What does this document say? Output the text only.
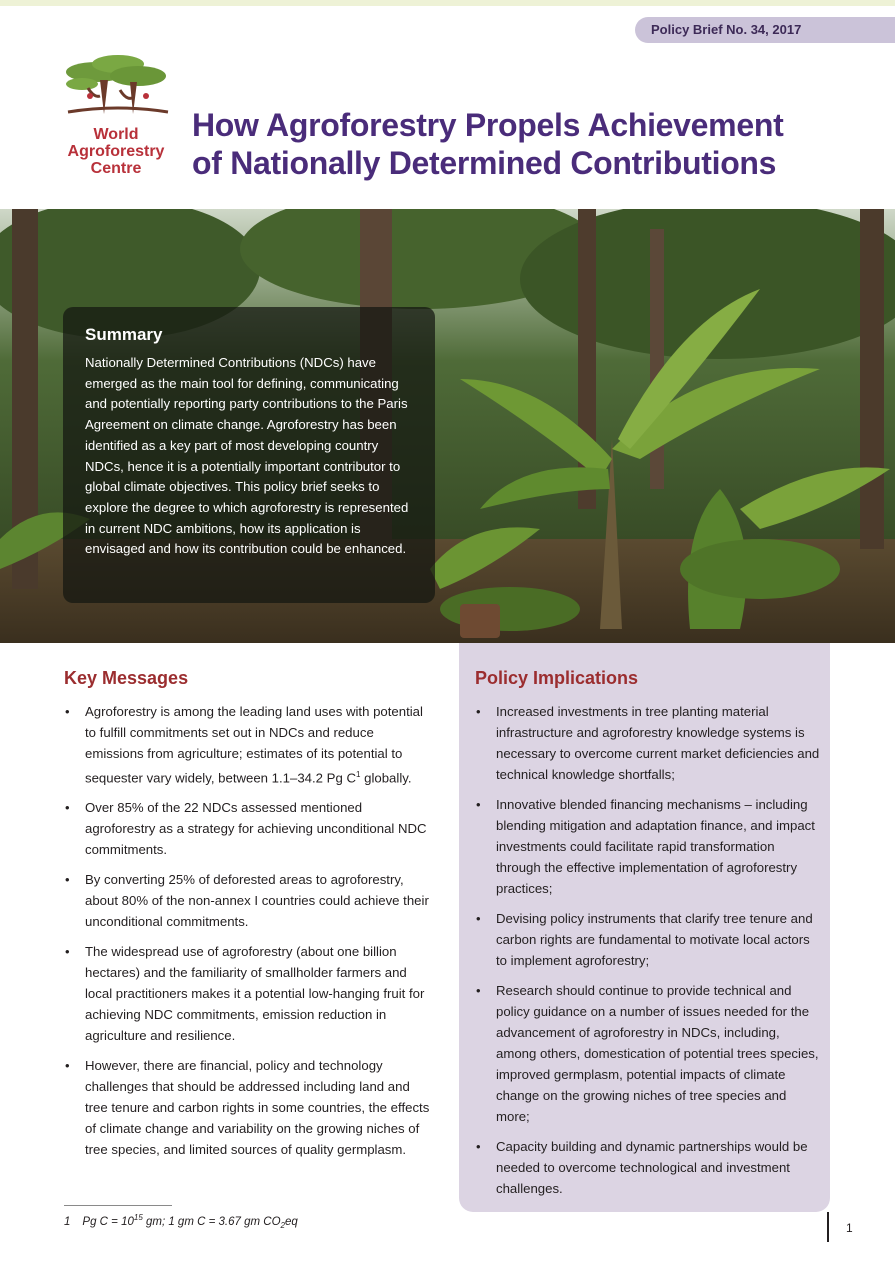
Policy Brief No. 34, 2017
World
Agroforestry
Centre
How Agroforestry Propels Achievement
of Nationally Determined Contributions
Summary

Nationally Determined Contributions (NDCs) have emerged as the main tool for defining, communicating and potentially reporting party contributions to the Paris Agreement on climate change. Agroforestry has been identified as a key part of most developing country NDCs, hence it is a potentially important contributor to global climate objectives. This policy brief seeks to explore the degree to which agroforestry is represented in current NDC ambitions, how its application is envisaged and how its contribution could be enhanced.

Key Messages
• Agroforestry is among the leading land uses with potential to fulfill commitments set out in NDCs and reduce emissions from agriculture; estimates of its potential to sequester vary widely, between 1.1–34.2 Pg $C^1$ globally.
• Over 85% of the 22 NDCs assessed mentioned agroforestry as a strategy for achieving unconditional NDC commitments.
• By converting 25% of deforested areas to agroforestry, about 80% of the non-annex I countries could achieve their unconditional commitments.
• The widespread use of agroforestry (about one billion hectares) and the familiarity of smallholder farmers and local practitioners makes it a potential low-hanging fruit for achieving NDC commitments, emission reduction in agriculture and resilience.
• However, there are financial, policy and technology challenges that should be addressed including land and tree tenure and carbon rights in some countries, the effects of climate change and variability on the growing niches of tree species, and limited sources of quality germplasm.
Policy Implications
• Increased investments in tree planting material infrastructure and agroforestry knowledge systems is necessary to overcome current market deficiencies and technical knowledge shortfalls;
• Innovative blended financing mechanisms – including blending mitigation and adaptation finance, and impact investments could facilitate rapid transformation through the effective implementation of agroforestry practices;
• Devising policy instruments that clarify tree tenure and carbon rights are fundamental to motivate local actors to implement agroforestry;
• Research should continue to provide technical and policy guidance on a number of issues needed for the advancement of agroforestry in NDCs, including, among others, domestication of potential trees species, improved germplasm, potential impacts of climate change on the growing niches of tree species and more;
• Capacity building and dynamic partnerships would be needed to overcome technological and investment challenges.
1 Pg $C = 10^{15}$ gm; 1 gm C = 3.67 gm $CO_2eq$	1
